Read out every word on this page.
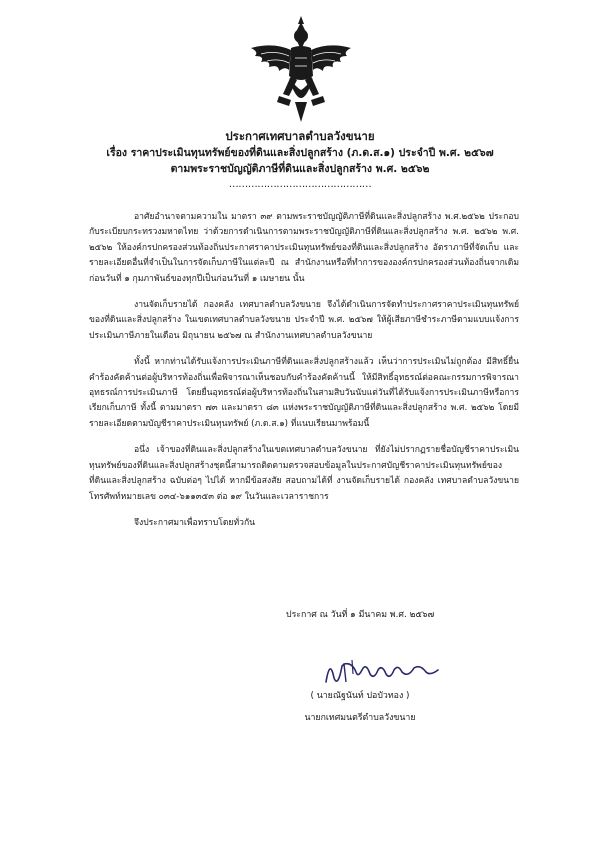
ประกาศเทศบาลตำบลวังขนาย
เรื่อง ราคาประเมินทุนทรัพย์ของที่ดินและสิ่งปลูกสร้าง (ภ.ด.ส.๑) ประจำปี พ.ศ. ๒๕๖๗
ตามพระราชบัญญัติภาษีที่ดินและสิ่งปลูกสร้าง พ.ศ. ๒๕๖๒
………………………………………

อาศัยอำนาจตามความใน มาตรา ๓๙ ตามพระราชบัญญัติภาษีที่ดินและสิ่งปลูกสร้าง พ.ศ.๒๕๖๒ ประกอบกับระเบียบกระทรวงมหาดไทย ว่าด้วยการดำเนินการตามพระราชบัญญัติภาษีที่ดินและสิ่งปลูกสร้าง พ.ศ. ๒๕๖๒ พ.ศ. ๒๕๖๒ ให้องค์กรปกครองส่วนท้องถิ่นประกาศราคาประเมินทุนทรัพย์ของที่ดินและสิ่งปลูกสร้าง อัตราภาษีที่จัดเก็บ และรายละเอียดอื่นที่จำเป็นในการจัดเก็บภาษีในแต่ละปี ณ สำนักงานหรือที่ทำการขององค์กรปกครองส่วนท้องถิ่นจากเดิมก่อนวันที่ ๑ กุมภาพันธ์ของทุกปีเป็นก่อนวันที่ ๑ เมษายน นั้น

งานจัดเก็บรายได้ กองคลัง เทศบาลตำบลวังขนาย จึงได้ดำเนินการจัดทำประกาศราคาประเมินทุนทรัพย์ของที่ดินและสิ่งปลูกสร้าง ในเขตเทศบาลตำบลวังขนาย ประจำปี พ.ศ. ๒๕๖๗ ให้ผู้เสียภาษีชำระภาษีตามแบบแจ้งการประเมินภาษีภายในเดือน มิถุนายน ๒๕๖๗ ณ สำนักงานเทศบาลตำบลวังขนาย

ทั้งนี้ หากท่านได้รับแจ้งการประเมินภาษีที่ดินและสิ่งปลูกสร้างแล้ว เห็นว่าการประเมินไม่ถูกต้อง มีสิทธิ์ยื่นคำร้องคัดค้านต่อผู้บริหารท้องถิ่นเพื่อพิจารณาเห็นชอบกับคำร้องคัดค้านนี้ ให้มีสิทธิ์อุทธรณ์ต่อคณะกรรมการพิจารณาอุทธรณ์การประเมินภาษี โดยยื่นอุทธรณ์ต่อผู้บริหารท้องถิ่นในสามสิบวันนับแต่วันที่ได้รับแจ้งการประเมินภาษีหรือการเรียกเก็บภาษี ทั้งนี้ ตามมาตรา ๗๓ และมาตรา ๘๓ แห่งพระราชบัญญัติภาษีที่ดินและสิ่งปลูกสร้าง พ.ศ. ๒๕๖๒ โดยมีรายละเอียดตามบัญชีราคาประเมินทุนทรัพย์ (ภ.ด.ส.๑) ที่แนบเรียนมาพร้อมนี้

อนึ่ง เจ้าของที่ดินและสิ่งปลูกสร้างในเขตเทศบาลตำบลวังขนาย ที่ยังไม่ปรากฏรายชื่อบัญชีราคาประเมินทุนทรัพย์ของที่ดินและสิ่งปลูกสร้างชุดนี้สามารถติดตามตรวจสอบข้อมูลในประกาศบัญชีราคาประเมินทุนทรัพย์ของที่ดินและสิ่งปลูกสร้าง ฉบับต่อๆ ไปได้ หากมีข้อสงสัย สอบถามได้ที่ งานจัดเก็บรายได้ กองคลัง เทศบาลตำบลวังขนาย โทรศัพท์หมายเลข ๐๓๔-๖๑๑๓๕๓ ต่อ ๑๙ ในวันและเวลาราชการ

จึงประกาศมาเพื่อทราบโดยทั่วกัน

ประกาศ ณ วันที่ ๑ มีนาคม พ.ศ. ๒๕๖๗
( นายณัฐนันท์ ปอบัวทอง )
นายกเทศมนตรีตำบลวังขนาย
